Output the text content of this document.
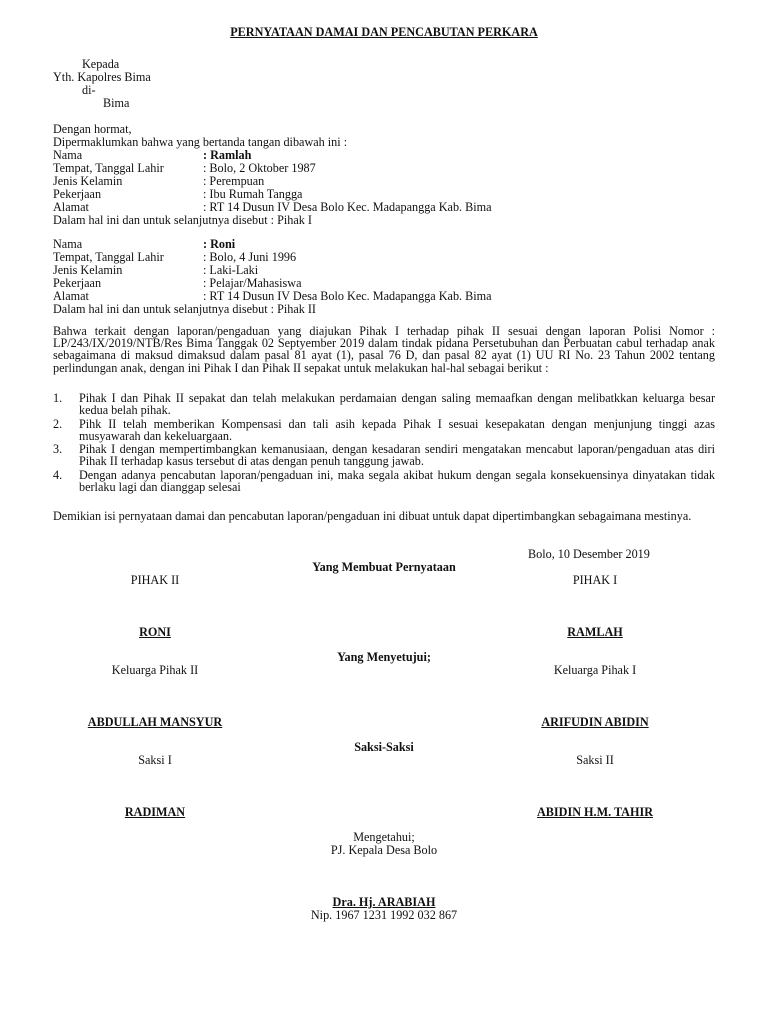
PERNYATAAN DAMAI DAN PENCABUTAN PERKARA
Kepada
Yth. Kapolres Bima
di-
Bima
Dengan hormat,
Dipermaklumkan bahwa yang bertanda tangan dibawah ini :
Nama	: Ramlah
Tempat, Tanggal Lahir	: Bolo, 2 Oktober 1987
Jenis Kelamin	: Perempuan
Pekerjaan	: Ibu Rumah Tangga
Alamat	: RT 14 Dusun IV Desa Bolo Kec. Madapangga Kab. Bima
Dalam hal ini dan untuk selanjutnya disebut : Pihak I
Nama	: Roni
Tempat, Tanggal Lahir	: Bolo, 4 Juni 1996
Jenis Kelamin	: Laki-Laki
Pekerjaan	: Pelajar/Mahasiswa
Alamat	: RT 14 Dusun IV Desa Bolo Kec. Madapangga Kab. Bima
Dalam hal ini dan untuk selanjutnya disebut : Pihak II
Bahwa terkait dengan laporan/pengaduan yang diajukan Pihak I terhadap pihak II sesuai dengan laporan Polisi Nomor : LP/243/IX/2019/NTB/Res Bima Tanggak 02 Septyember 2019 dalam tindak pidana Persetubuhan dan Perbuatan cabul terhadap anak sebagaimana di maksud dimaksud dalam pasal 81 ayat (1), pasal 76 D, dan pasal 82 ayat (1) UU RI No. 23 Tahun 2002 tentang perlindungan anak, dengan ini Pihak I dan Pihak II sepakat untuk melakukan hal-hal sebagai berikut :
1. Pihak I dan Pihak II sepakat dan telah melakukan perdamaian dengan saling memaafkan dengan melibatkkan keluarga besar kedua belah pihak.
2. Pihk II telah memberikan Kompensasi dan tali asih kepada Pihak I sesuai kesepakatan dengan menjunjung tinggi azas musyawarah dan kekeluargaan.
3. Pihak I dengan mempertimbangkan kemanusiaan, dengan kesadaran sendiri mengatakan mencabut laporan/pengaduan atas diri Pihak II terhadap kasus tersebut di atas dengan penuh tanggung jawab.
4. Dengan adanya pencabutan laporan/pengaduan ini, maka segala akibat hukum dengan segala konsekuensinya dinyatakan tidak berlaku lagi dan dianggap selesai
Demikian isi pernyataan damai dan pencabutan laporan/pengaduan ini dibuat untuk dapat dipertimbangkan sebagaimana mestinya.
Bolo, 10 Desember 2019
Yang Membuat Pernyataan
PIHAK II	PIHAK I
RONI	RAMLAH
Yang Menyetujui;
Keluarga Pihak II	Keluarga Pihak I
ABDULLAH MANSYUR	ARIFUDIN ABIDIN
Saksi-Saksi
Saksi I	Saksi II
RADIMAN	ABIDIN H.M. TAHIR
Mengetahui;
PJ. Kepala Desa Bolo
Dra. Hj. ARABIAH
Nip. 1967 1231 1992 032 867
